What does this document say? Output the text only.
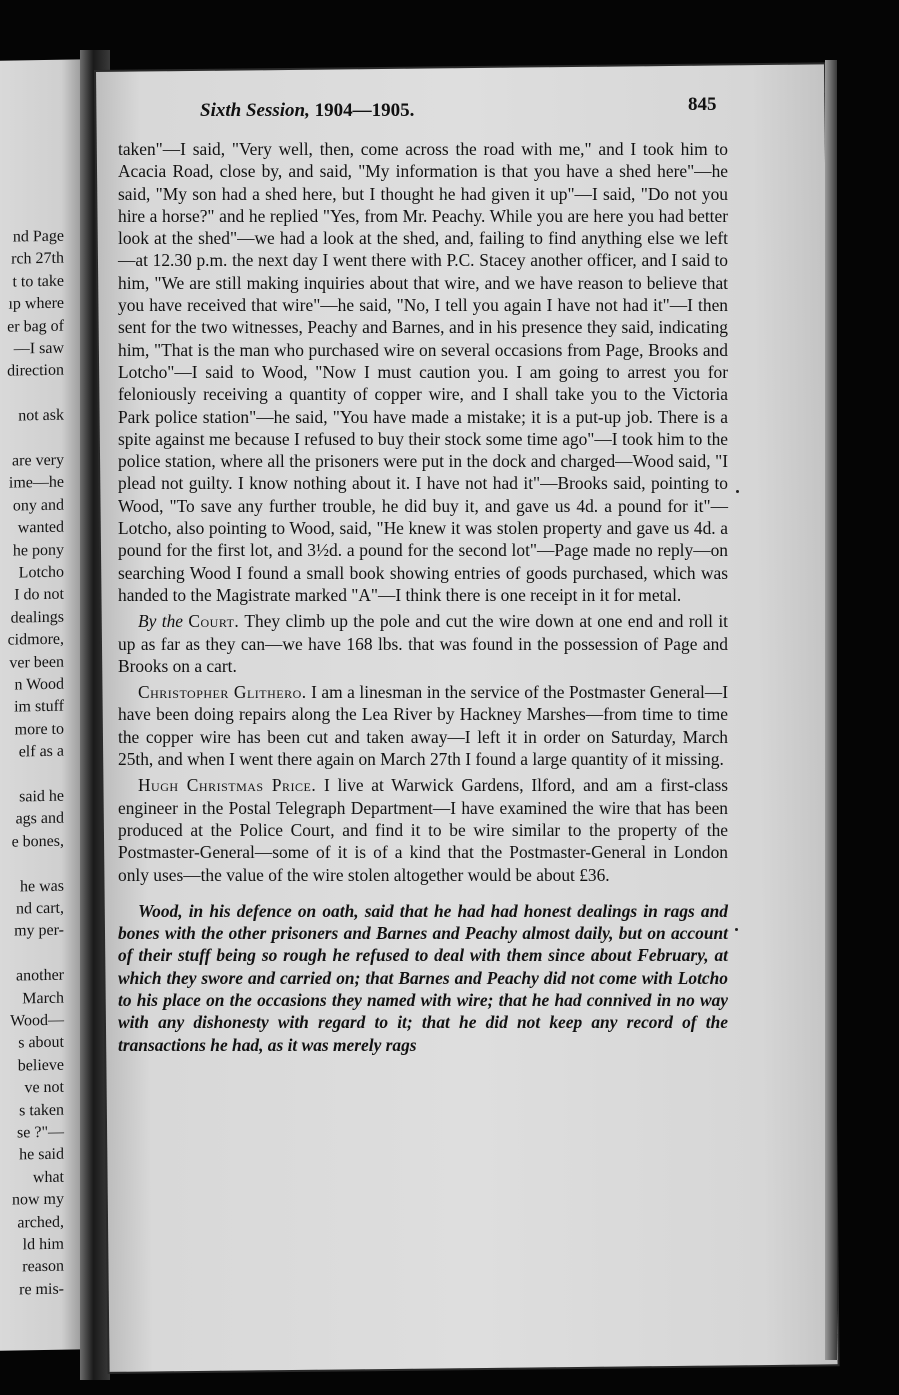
nd Page
rch 27th
t to take
ıp where
er bag of
—I saw
direction
not ask
are very
ime—he
ony and
wanted
he pony
Lotcho
I do not
dealings
cidmore,
ver been
n Wood
im stuff
more to
elf as a
said he
ags and
e bones,
he was
nd cart,
my per-
another
March
Wood—
s about
believe
ve not
s taken
se ?"—
he said
what
now my
arched,
ld him
reason
re mis-
Sixth Session, 1904—1905.	845

taken"—I said, "Very well, then, come across the road with me," and I took him to Acacia Road, close by, and said, "My information is that you have a shed here"—he said, "My son had a shed here, but I thought he had given it up"—I said, "Do not you hire a horse?" and he replied "Yes, from Mr. Peachy. While you are here you had better look at the shed"—we had a look at the shed, and, failing to find anything else we left—at 12.30 p.m. the next day I went there with P.C. Stacey another officer, and I said to him, "We are still making inquiries about that wire, and we have reason to believe that you have received that wire"—he said, "No, I tell you again I have not had it"—I then sent for the two witnesses, Peachy and Barnes, and in his presence they said, indicating him, "That is the man who purchased wire on several occasions from Page, Brooks and Lotcho"—I said to Wood, "Now I must caution you. I am going to arrest you for feloniously receiving a quantity of copper wire, and I shall take you to the Victoria Park police station"—he said, "You have made a mistake; it is a put-up job. There is a spite against me because I refused to buy their stock some time ago"—I took him to the police station, where all the prisoners were put in the dock and charged—Wood said, "I plead not guilty. I know nothing about it. I have not had it"—Brooks said, pointing to Wood, "To save any further trouble, he did buy it, and gave us 4d. a pound for it"—Lotcho, also pointing to Wood, said, "He knew it was stolen property and gave us 4d. a pound for the first lot, and 3½d. a pound for the second lot"—Page made no reply—on searching Wood I found a small book showing entries of goods purchased, which was handed to the Magistrate marked "A"—I think there is one receipt in it for metal.

By the Court. They climb up the pole and cut the wire down at one end and roll it up as far as they can—we have 168 lbs. that was found in the possession of Page and Brooks on a cart.

Christopher Glithero. I am a linesman in the service of the Postmaster General—I have been doing repairs along the Lea River by Hackney Marshes—from time to time the copper wire has been cut and taken away—I left it in order on Saturday, March 25th, and when I went there again on March 27th I found a large quantity of it missing.

Hugh Christmas Price. I live at Warwick Gardens, Ilford, and am a first-class engineer in the Postal Telegraph Department—I have examined the wire that has been produced at the Police Court, and find it to be wire similar to the property of the Postmaster-General—some of it is of a kind that the Postmaster-General in London only uses—the value of the wire stolen altogether would be about £36.

Wood, in his defence on oath, said that he had had honest dealings in rags and bones with the other prisoners and Barnes and Peachy almost daily, but on account of their stuff being so rough he refused to deal with them since about February, at which they swore and carried on; that Barnes and Peachy did not come with Lotcho to his place on the occasions they named with wire; that he had connived in no way with any dishonesty with regard to it; that he did not keep any record of the transactions he had, as it was merely rags
